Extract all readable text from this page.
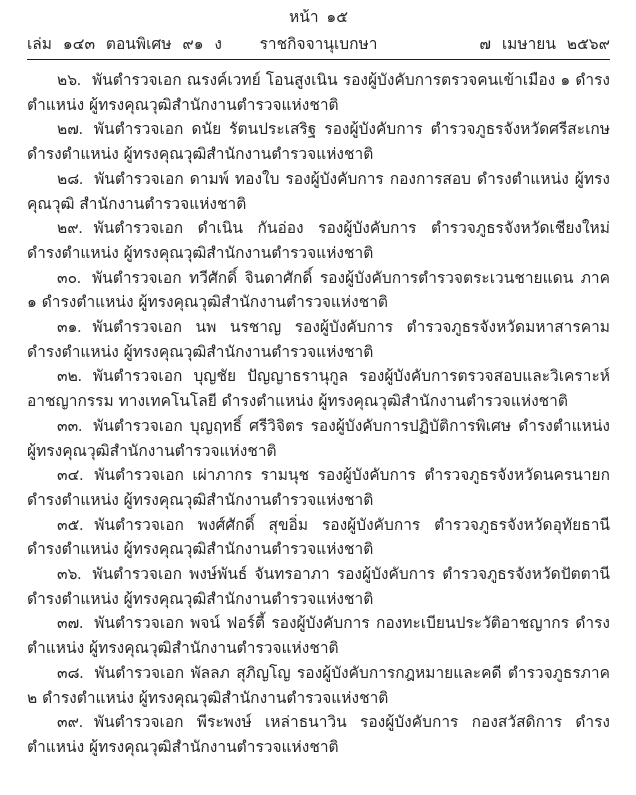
หน้า ๑๕
เล่ม ๑๔๓ ตอนพิเศษ ๙๑ ง ราชกิจจานุเบกษา	๗ เมษายน ๒๕๖๙

๒๖. พันตำรวจเอก ณรงค์เวทย์ โอนสูงเนิน รองผู้บังคับการตรวจคนเข้าเมือง ๑ ดำรงตำแหน่ง ผู้ทรงคุณวุฒิสำนักงานตำรวจแห่งชาติ

๒๗. พันตำรวจเอก ดนัย รัตนประเสริฐ รองผู้บังคับการ ตำรวจภูธรจังหวัดศรีสะเกษ ดำรงตำแหน่ง ผู้ทรงคุณวุฒิสำนักงานตำรวจแห่งชาติ

๒๘. พันตำรวจเอก ดามพ์ ทองใบ รองผู้บังคับการ กองการสอบ ดำรงตำแหน่ง ผู้ทรงคุณวุฒิ สำนักงานตำรวจแห่งชาติ

๒๙. พันตำรวจเอก ดำเนิน กันอ่อง รองผู้บังคับการ ตำรวจภูธรจังหวัดเชียงใหม่ ดำรงตำแหน่ง ผู้ทรงคุณวุฒิสำนักงานตำรวจแห่งชาติ

๓๐. พันตำรวจเอก ทวีศักดิ์ จินดาศักดิ์ รองผู้บังคับการตำรวจตระเวนชายแดน ภาค ๑ ดำรงตำแหน่ง ผู้ทรงคุณวุฒิสำนักงานตำรวจแห่งชาติ

๓๑. พันตำรวจเอก นพ นรชาญ รองผู้บังคับการ ตำรวจภูธรจังหวัดมหาสารคาม ดำรงตำแหน่ง ผู้ทรงคุณวุฒิสำนักงานตำรวจแห่งชาติ

๓๒. พันตำรวจเอก บุญชัย ปัญญาธรานุกูล รองผู้บังคับการตรวจสอบและวิเคราะห์อาชญากรรม ทางเทคโนโลยี ดำรงตำแหน่ง ผู้ทรงคุณวุฒิสำนักงานตำรวจแห่งชาติ

๓๓. พันตำรวจเอก บุญฤทธิ์ ศรีวิจิตร รองผู้บังคับการปฏิบัติการพิเศษ ดำรงตำแหน่ง ผู้ทรงคุณวุฒิสำนักงานตำรวจแห่งชาติ

๓๔. พันตำรวจเอก เผ่าภากร รามนุช รองผู้บังคับการ ตำรวจภูธรจังหวัดนครนายก ดำรงตำแหน่ง ผู้ทรงคุณวุฒิสำนักงานตำรวจแห่งชาติ

๓๕. พันตำรวจเอก พงศ์ศักดิ์ สุขอิ่ม รองผู้บังคับการ ตำรวจภูธรจังหวัดอุทัยธานี ดำรงตำแหน่ง ผู้ทรงคุณวุฒิสำนักงานตำรวจแห่งชาติ

๓๖. พันตำรวจเอก พงษ์พันธ์ จันทรอาภา รองผู้บังคับการ ตำรวจภูธรจังหวัดปัตตานี ดำรงตำแหน่ง ผู้ทรงคุณวุฒิสำนักงานตำรวจแห่งชาติ

๓๗. พันตำรวจเอก พจน์ ฟอร์ตี้ รองผู้บังคับการ กองทะเบียนประวัติอาชญากร ดำรงตำแหน่ง ผู้ทรงคุณวุฒิสำนักงานตำรวจแห่งชาติ

๓๘. พันตำรวจเอก พัลลภ สุภิญโญ รองผู้บังคับการกฎหมายและคดี ตำรวจภูธรภาค ๒ ดำรงตำแหน่ง ผู้ทรงคุณวุฒิสำนักงานตำรวจแห่งชาติ

๓๙. พันตำรวจเอก พีระพงษ์ เหล่าธนาวิน รองผู้บังคับการ กองสวัสดิการ ดำรงตำแหน่ง ผู้ทรงคุณวุฒิสำนักงานตำรวจแห่งชาติ
